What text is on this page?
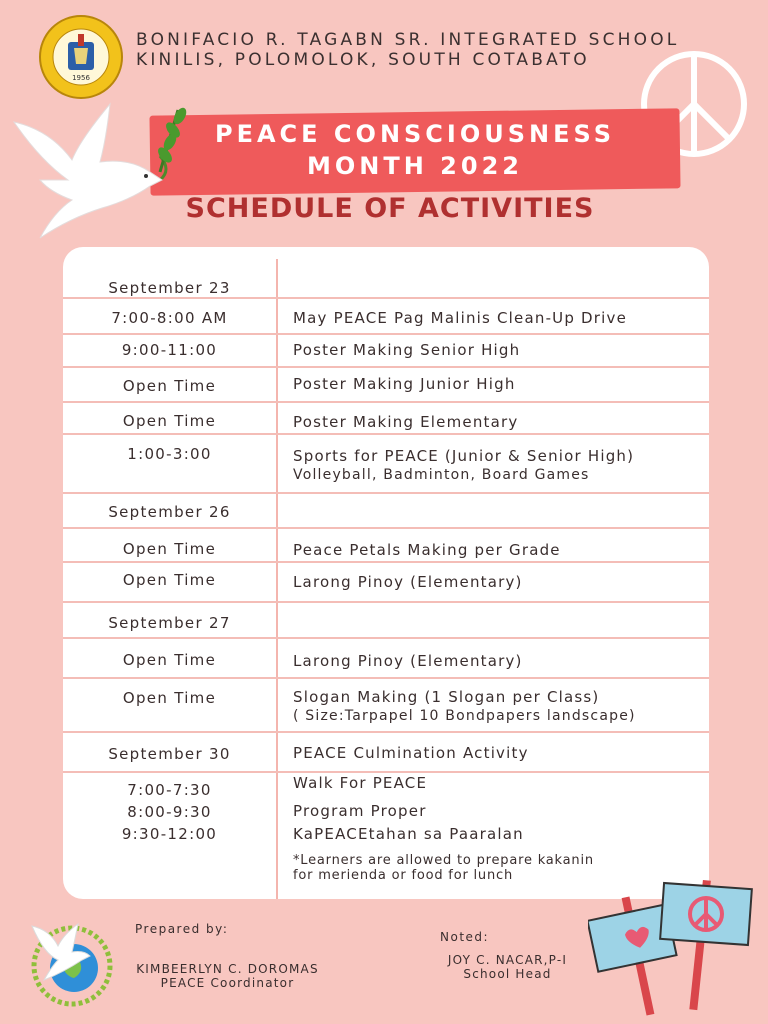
1956
BONIFACIO R. TAGABN SR. INTEGRATED SCHOOL
KINILIS, POLOMOLOK, SOUTH COTABATO
PEACE CONSCIOUSNESS
MONTH 2022
SCHEDULE OF ACTIVITIES
September 23
7:00-8:00 AM	May PEACE Pag Malinis Clean-Up Drive
9:00-11:00	Poster Making Senior High
Open Time	Poster Making Junior High
Open Time	Poster Making Elementary
1:00-3:00	Sports for PEACE (Junior & Senior High)
Volleyball, Badminton, Board Games
September 26
Open Time	Peace Petals Making per Grade
Open Time	Larong Pinoy (Elementary)
September 27
Open Time	Larong Pinoy (Elementary)
Open Time	Slogan Making (1 Slogan per Class)
( Size:Tarpapel 10 Bondpapers landscape)
September 30	PEACE Culmination Activity
7:00-7:30	Walk For PEACE
8:00-9:30	Program Proper
9:30-12:00	KaPEACEtahan sa Paaralan
*Learners are allowed to prepare kakanin
for merienda or food for lunch
Prepared by:
KIMBEERLYN C. DOROMAS
PEACE Coordinator
Noted:
JOY C. NACAR,P-I
School Head
